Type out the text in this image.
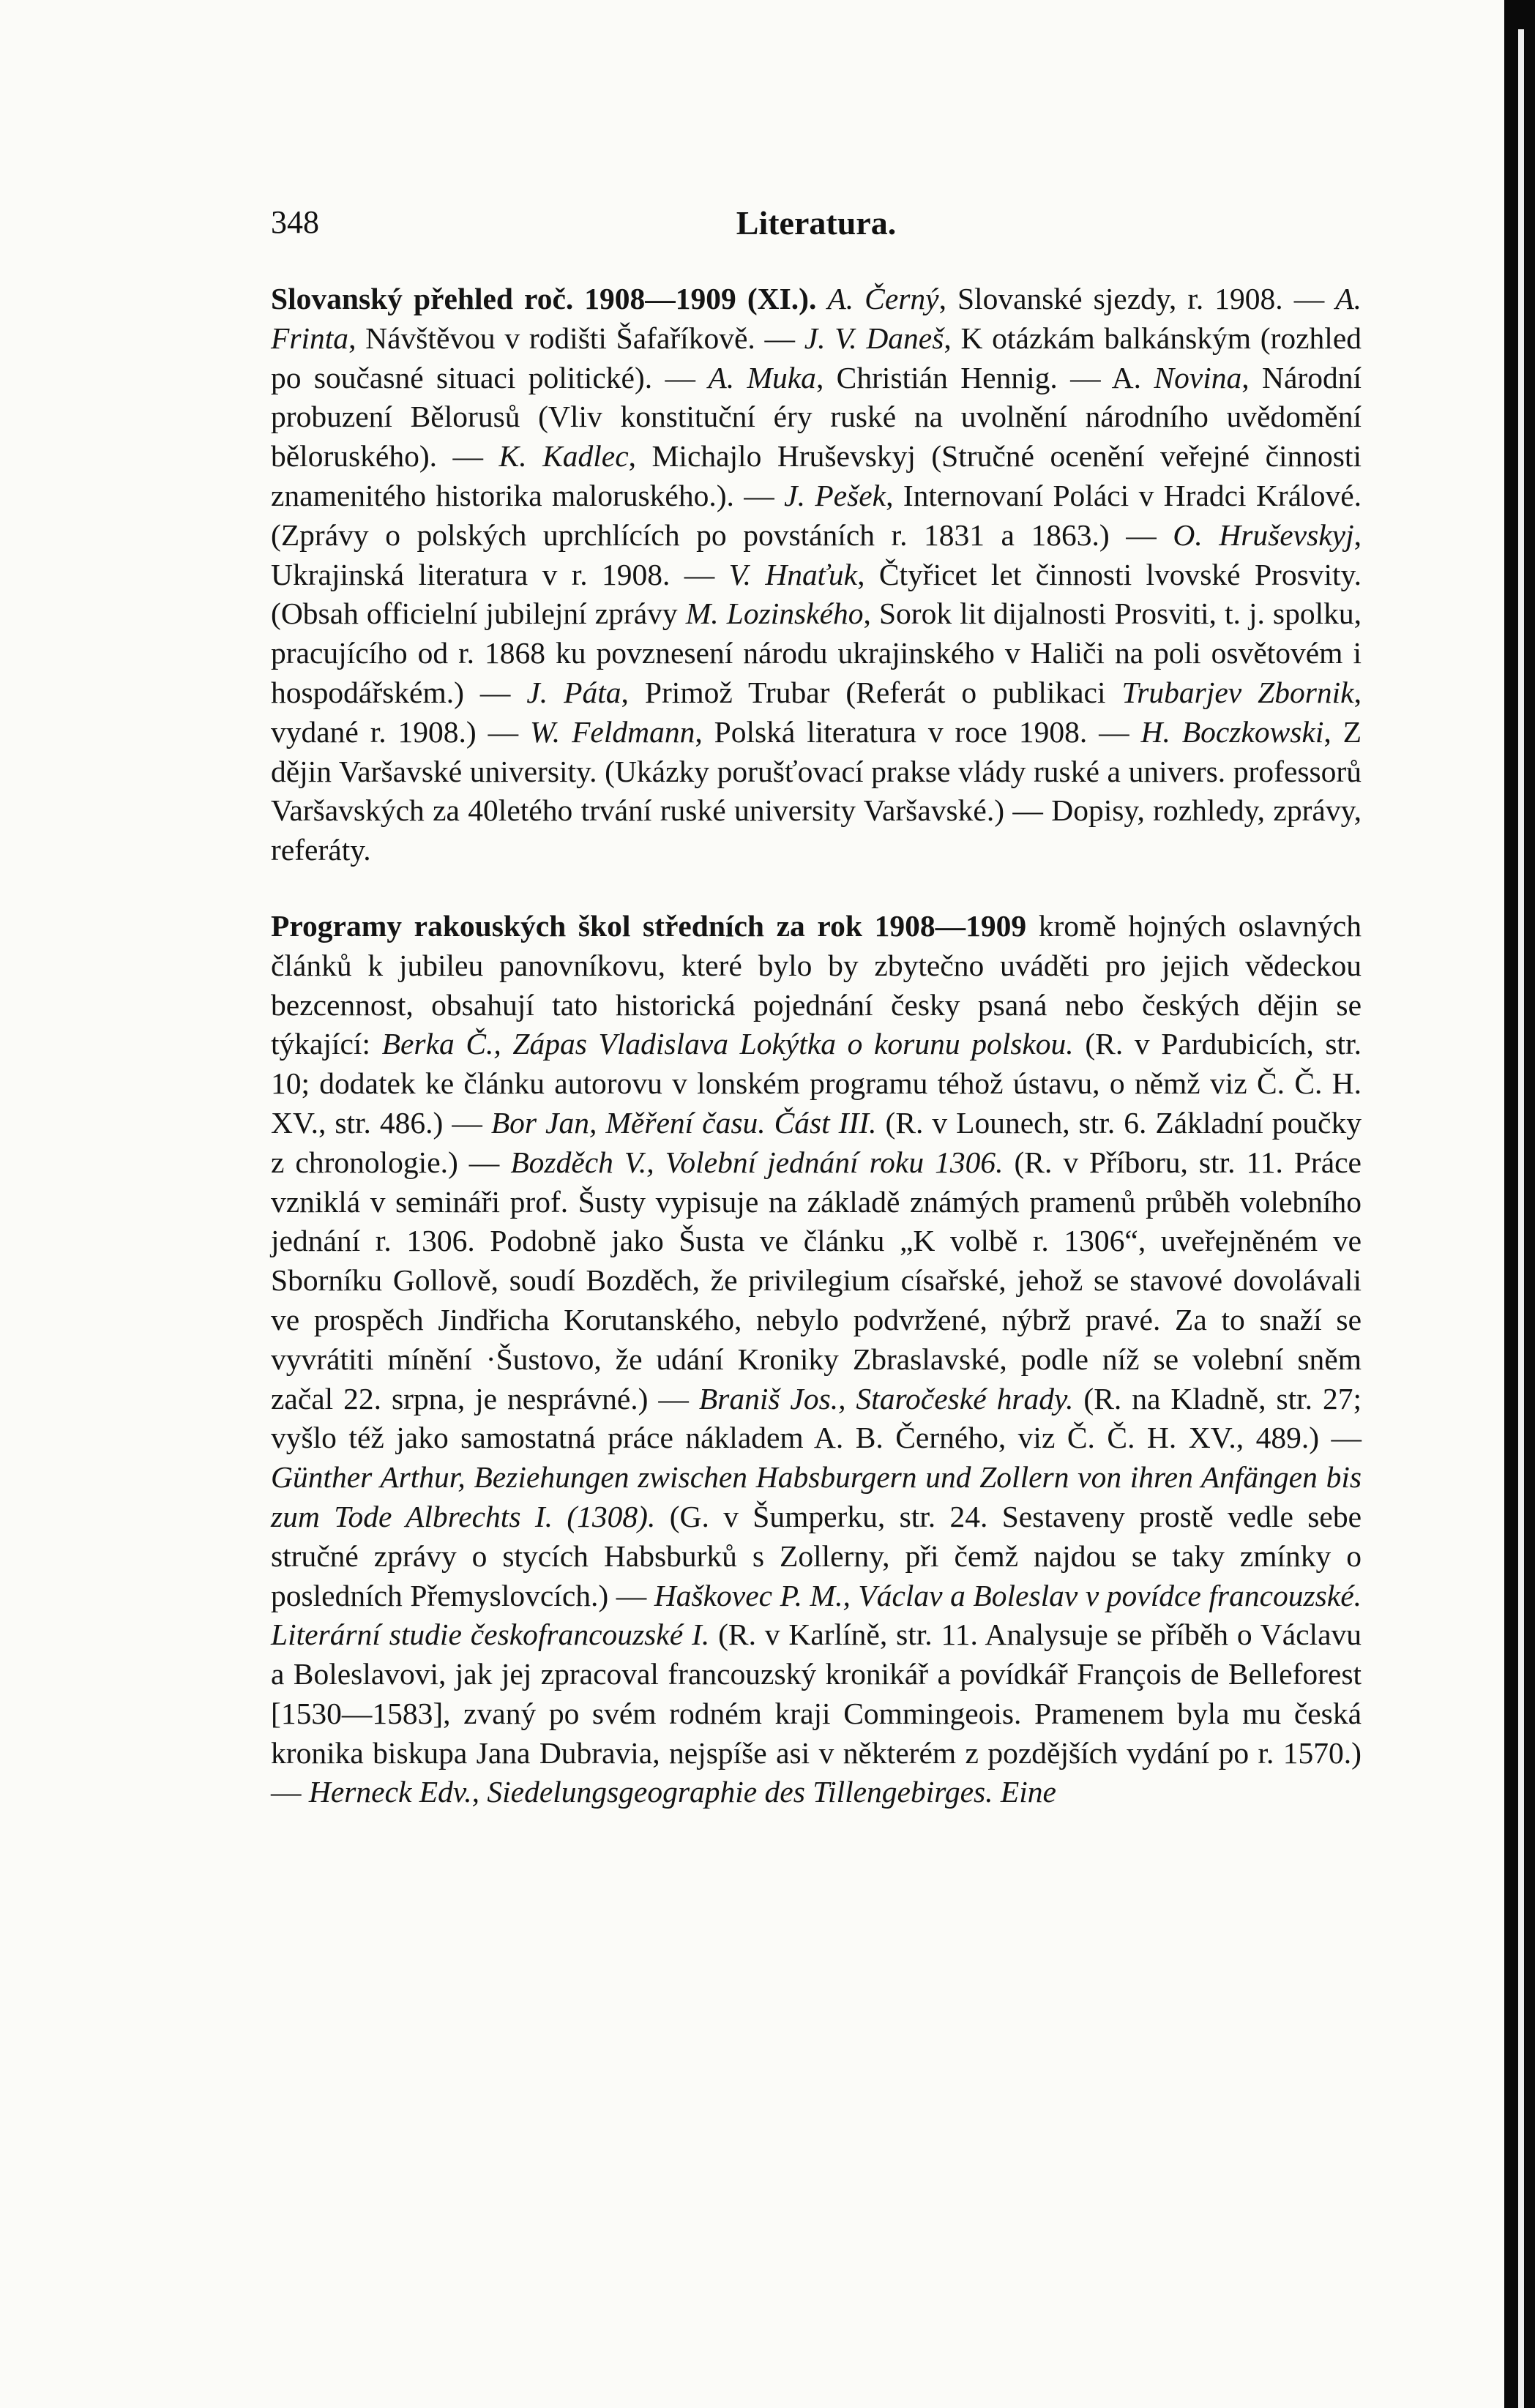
348	Literatura.

Slovanský přehled roč. 1908—1909 (XI.). A. Černý, Slovanské sjezdy, r. 1908. — A. Frinta, Návštěvou v rodišti Šafaříkově. — J. V. Daneš, K otázkám balkánským (rozhled po současné situaci politické). — A. Muka, Christián Hennig. — A. Novina, Národní probuzení Bělorusů (Vliv konstituční éry ruské na uvolnění národního uvědomění běloruského). — K. Kadlec, Michajlo Hruševskyj (Stručné ocenění veřejné činnosti znamenitého historika maloruského.). — J. Pešek, Internovaní Poláci v Hradci Králové. (Zprávy o polských uprchlících po povstáních r. 1831 a 1863.) — O. Hruševskyj, Ukrajinská literatura v r. 1908. — V. Hnaťuk, Čtyřicet let činnosti lvovské Prosvity. (Obsah officielní jubilejní zprávy M. Lozinského, Sorok lit dijalnosti Prosviti, t. j. spolku, pracujícího od r. 1868 ku povznesení národu ukrajinského v Haliči na poli osvětovém i hospodářském.) — J. Páta, Primož Trubar (Referát o publikaci Trubarjev Zbornik, vydané r. 1908.) — W. Feldmann, Polská literatura v roce 1908. — H. Boczkowski, Z dějin Varšavské university. (Ukázky porušťovací prakse vlády ruské a univers. professorů Varšavských za 40letého trvání ruské university Varšavské.) — Dopisy, rozhledy, zprávy, referáty.

Programy rakouských škol středních za rok 1908—1909 kromě hojných oslavných článků k jubileu panovníkovu, které bylo by zbytečno uváděti pro jejich vědeckou bezcennost, obsahují tato historická pojednání česky psaná nebo českých dějin se týkající: Berka Č., Zápas Vladislava Lokýtka o korunu polskou. (R. v Pardubicích, str. 10; dodatek ke článku autorovu v lonském programu téhož ústavu, o němž viz Č. Č. H. XV., str. 486.) — Bor Jan, Měření času. Část III. (R. v Lounech, str. 6. Základní poučky z chronologie.) — Bozděch V., Volební jednání roku 1306. (R. v Příboru, str. 11. Práce vzniklá v semináři prof. Šusty vypisuje na základě známých pramenů průběh volebního jednání r. 1306. Podobně jako Šusta ve článku „K volbě r. 1306“, uveřejněném ve Sborníku Gollově, soudí Bozděch, že privilegium císařské, jehož se stavové dovolávali ve prospěch Jindřicha Korutanského, nebylo podvržené, nýbrž pravé. Za to snaží se vyvrátiti mínění ·Šustovo, že udání Kroniky Zbraslavské, podle níž se volební sněm začal 22. srpna, je nesprávné.) — Braniš Jos., Staročeské hrady. (R. na Kladně, str. 27; vyšlo též jako samostatná práce nákladem A. B. Černého, viz Č. Č. H. XV., 489.) — Günther Arthur, Beziehungen zwischen Habsburgern und Zollern von ihren Anfängen bis zum Tode Albrechts I. (1308). (G. v Šumperku, str. 24. Sestaveny prostě vedle sebe stručné zprávy o stycích Habsburků s Zollerny, při čemž najdou se taky zmínky o posledních Přemyslovcích.) — Haškovec P. M., Václav a Boleslav v povídce francouzské. Literární studie českofrancouzské I. (R. v Karlíně, str. 11. Analysuje se příběh o Václavu a Boleslavovi, jak jej zpracoval francouzský kronikář a povídkář François de Belleforest [1530—1583], zvaný po svém rodném kraji Commingeois. Pramenem byla mu česká kronika biskupa Jana Dubravia, nejspíše asi v některém z pozdějších vydání po r. 1570.) — Herneck Edv., Siedelungsgeographie des Tillengebirges. Eine
